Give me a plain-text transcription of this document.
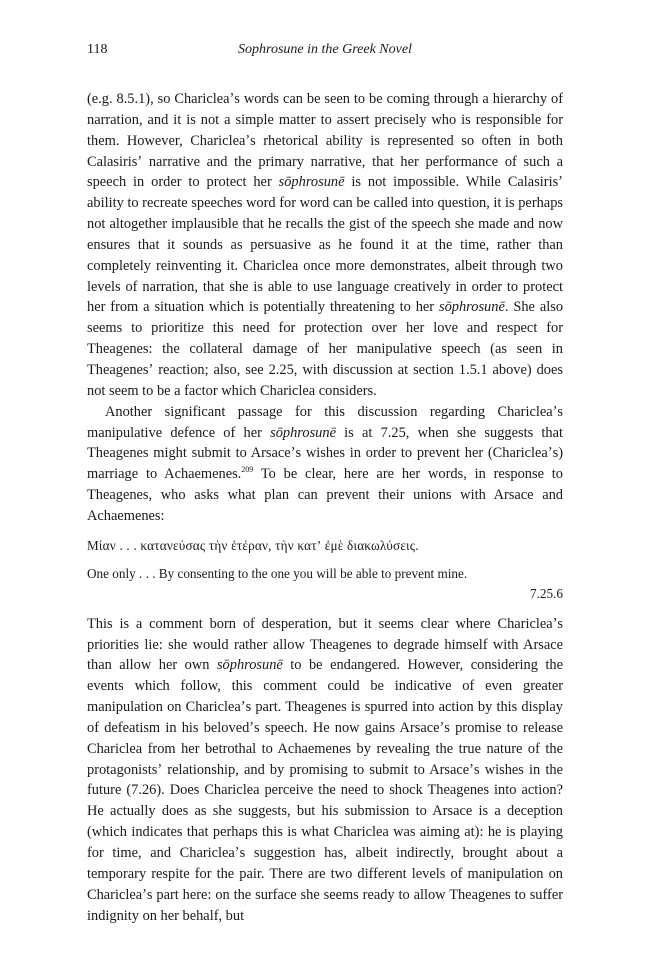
118	Sophrosune in the Greek Novel

(e.g. 8.5.1), so Charicleaʼs words can be seen to be coming through a hierarchy of narration, and it is not a simple matter to assert precisely who is responsible for them. However, Charicleaʼs rhetorical ability is represented so often in both Calasirisʼ narrative and the primary narrative, that her performance of such a speech in order to protect her sōphrosunē is not impossible. While Calasirisʼ ability to recreate speeches word for word can be called into question, it is perhaps not altogether implausible that he recalls the gist of the speech she made and now ensures that it sounds as persuasive as he found it at the time, rather than completely reinventing it. Chariclea once more demonstrates, albeit through two levels of narration, that she is able to use language creatively in order to protect her from a situation which is potentially threatening to her sōphrosunē. She also seems to prioritize this need for protection over her love and respect for Theagenes: the collateral damage of her manipulative speech (as seen in Theagenesʼ reaction; also, see 2.25, with discussion at section 1.5.1 above) does not seem to be a factor which Chariclea considers.

Another significant passage for this discussion regarding Charicleaʼs manipulative defence of her sōphrosunē is at 7.25, when she suggests that Theagenes might submit to Arsaceʼs wishes in order to prevent her (Charicleaʼs) marriage to Achaemenes.$^{209}$ To be clear, here are her words, in response to Theagenes, who asks what plan can prevent their unions with Arsace and Achaemenes:

Μίαν . . . κατανεύσας τὴν ἑτέραν, τὴν κατʼ ἐμὲ διακωλύσεις.

One only . . . By consenting to the one you will be able to prevent mine.

7.25.6

This is a comment born of desperation, but it seems clear where Charicleaʼs priorities lie: she would rather allow Theagenes to degrade himself with Arsace than allow her own sōphrosunē to be endangered. However, considering the events which follow, this comment could be indicative of even greater manipulation on Charicleaʼs part. Theagenes is spurred into action by this display of defeatism in his belovedʼs speech. He now gains Arsaceʼs promise to release Chariclea from her betrothal to Achaemenes by revealing the true nature of the protagonistsʼ relationship, and by promising to submit to Arsaceʼs wishes in the future (7.26). Does Chariclea perceive the need to shock Theagenes into action? He actually does as she suggests, but his submission to Arsace is a deception (which indicates that perhaps this is what Chariclea was aiming at): he is playing for time, and Charicleaʼs suggestion has, albeit indirectly, brought about a temporary respite for the pair. There are two different levels of manipulation on Charicleaʼs part here: on the surface she seems ready to allow Theagenes to suffer indignity on her behalf, but
